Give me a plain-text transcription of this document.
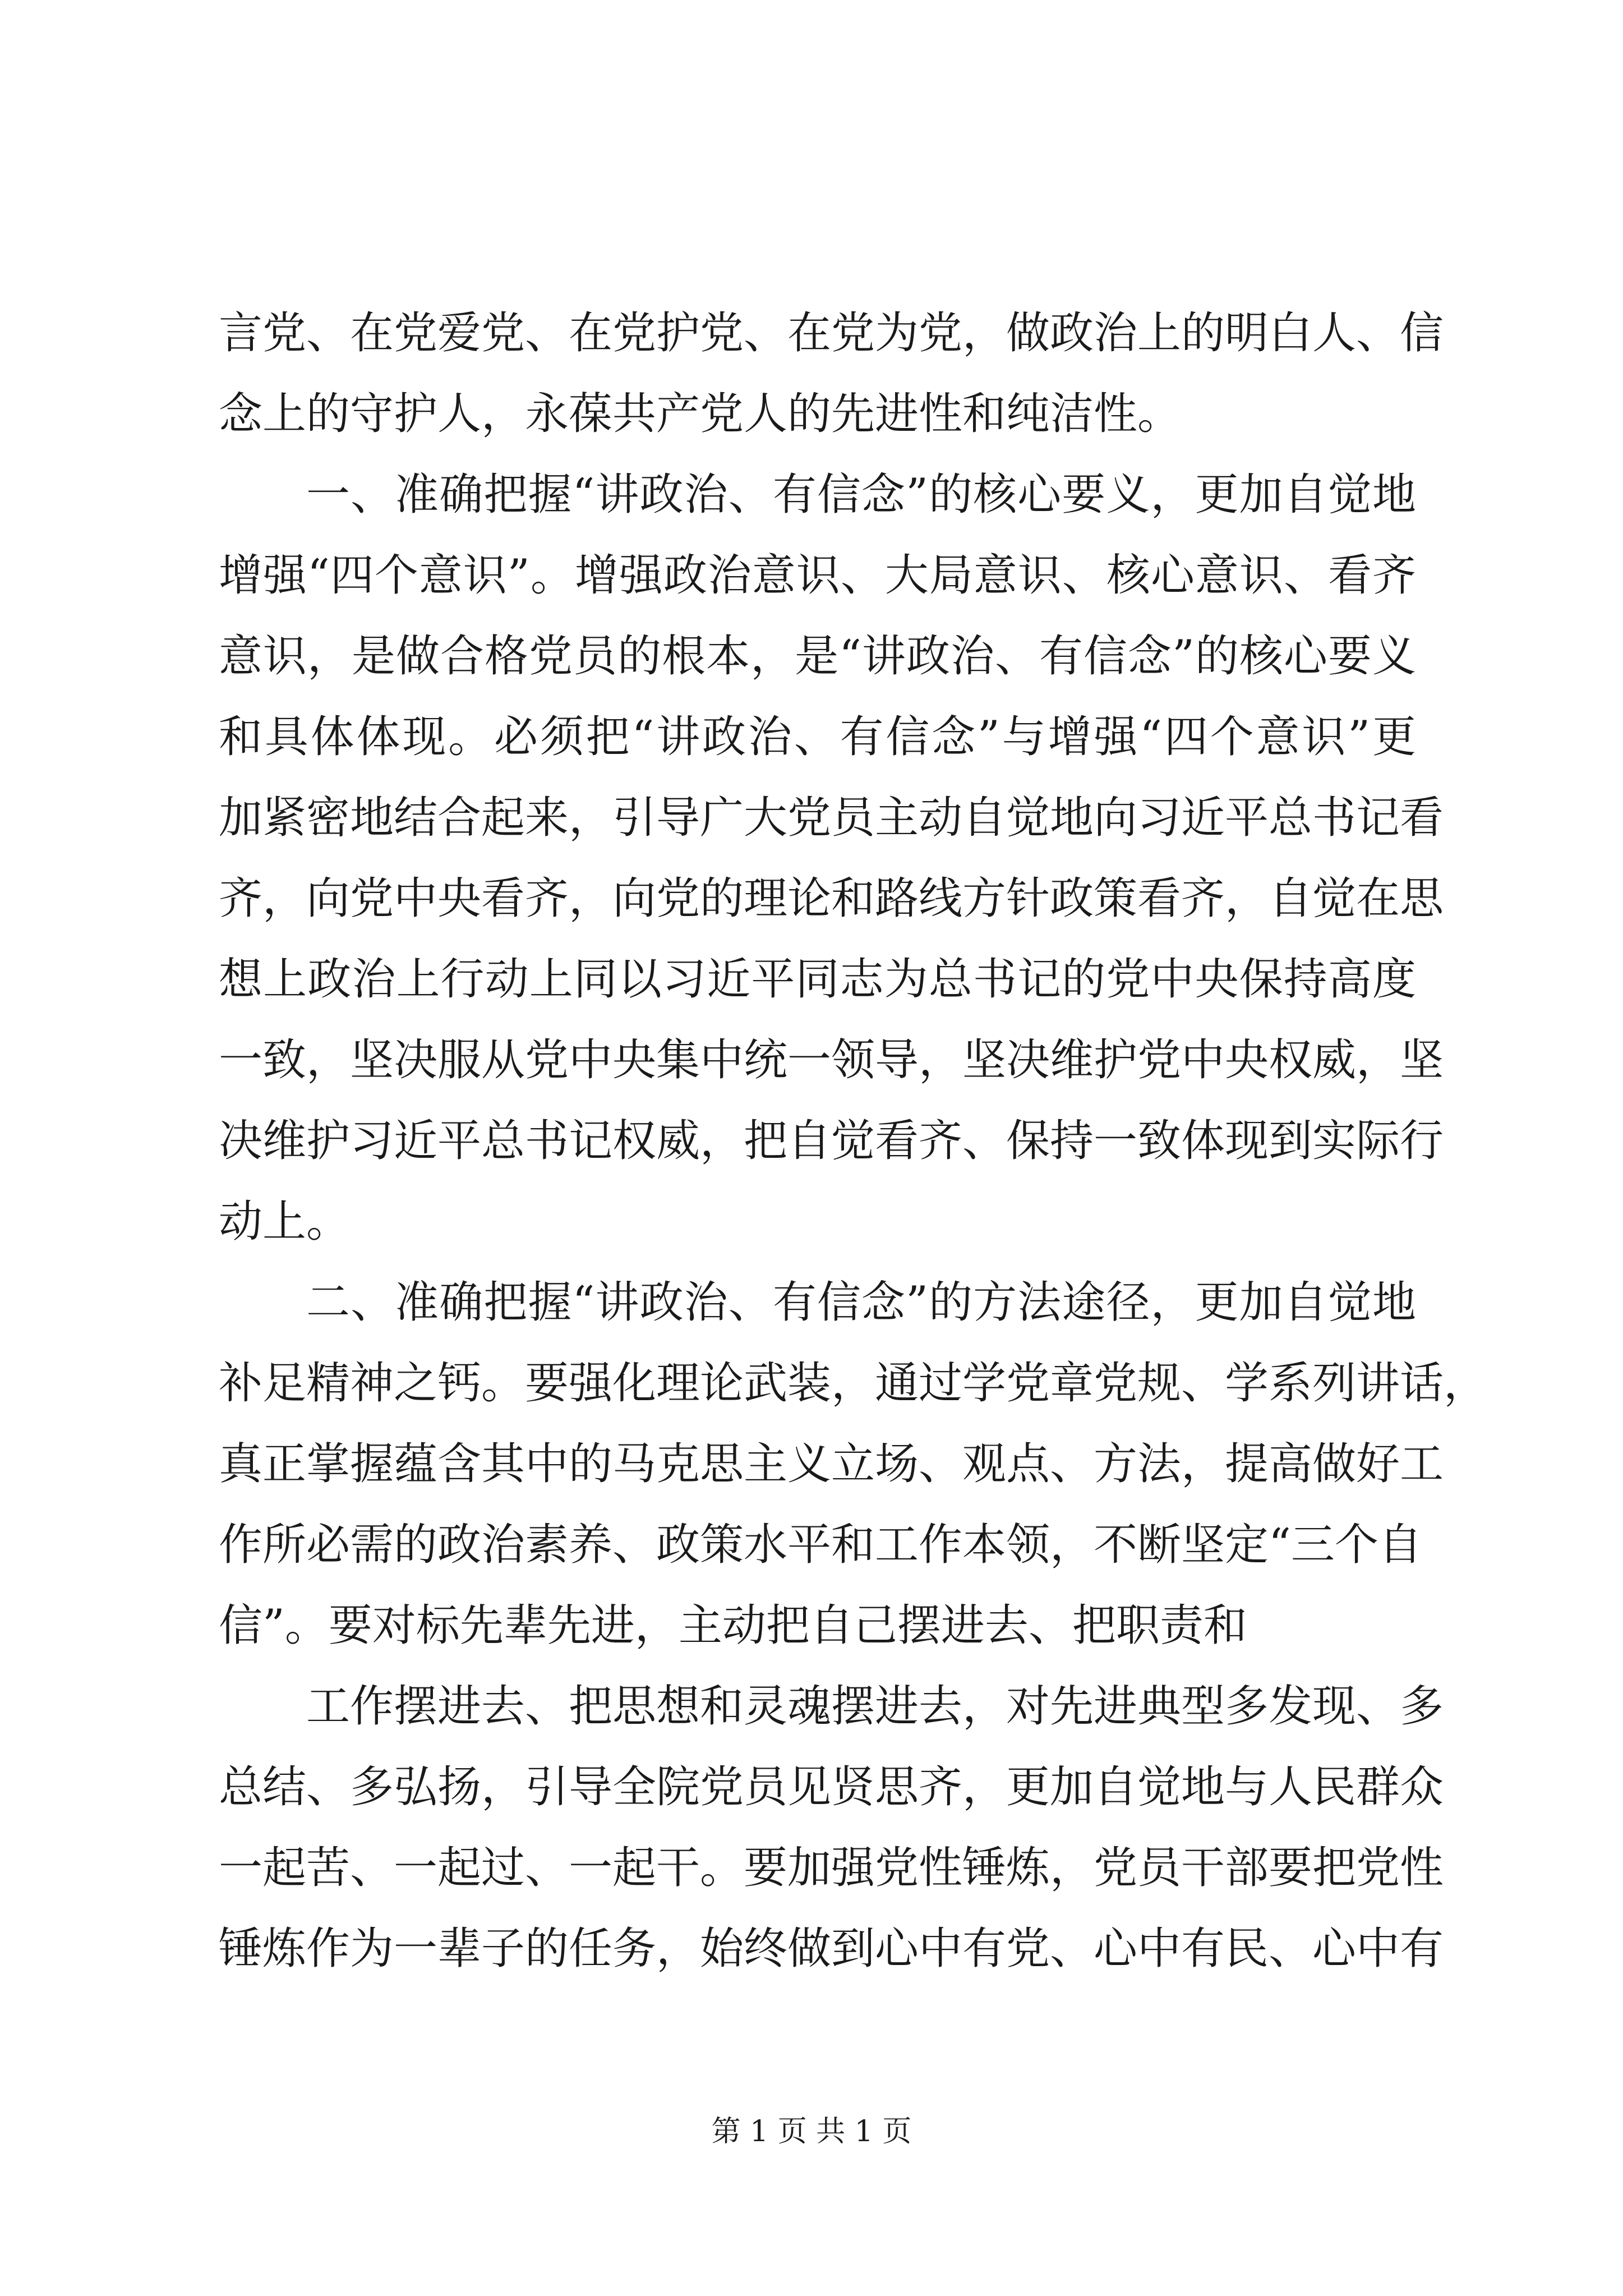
言党、在党爱党、在党护党、在党为党，做政治上的明白人、信
念上的守护人，永葆共产党人的先进性和纯洁性。
一、准确把握“讲政治、有信念”的核心要义，更加自觉地
增强“四个意识”。增强政治意识、大局意识、核心意识、看齐
意识，是做合格党员的根本，是“讲政治、有信念”的核心要义
和具体体现。必须把“讲政治、有信念”与增强“四个意识”更
加紧密地结合起来，引导广大党员主动自觉地向习近平总书记看
齐，向党中央看齐，向党的理论和路线方针政策看齐，自觉在思
想上政治上行动上同以习近平同志为总书记的党中央保持高度
一致，坚决服从党中央集中统一领导，坚决维护党中央权威，坚
决维护习近平总书记权威，把自觉看齐、保持一致体现到实际行
动上。
二、准确把握“讲政治、有信念”的方法途径，更加自觉地
补足精神之钙。要强化理论武装，通过学党章党规、学系列讲话，
真正掌握蕴含其中的马克思主义立场、观点、方法，提高做好工
作所必需的政治素养、政策水平和工作本领，不断坚定“三个自
信”。要对标先辈先进，主动把自己摆进去、把职责和
工作摆进去、把思想和灵魂摆进去，对先进典型多发现、多
总结、多弘扬，引导全院党员见贤思齐，更加自觉地与人民群众
一起苦、一起过、一起干。要加强党性锤炼，党员干部要把党性
锤炼作为一辈子的任务，始终做到心中有党、心中有民、心中有
第 1 页 共 1 页
